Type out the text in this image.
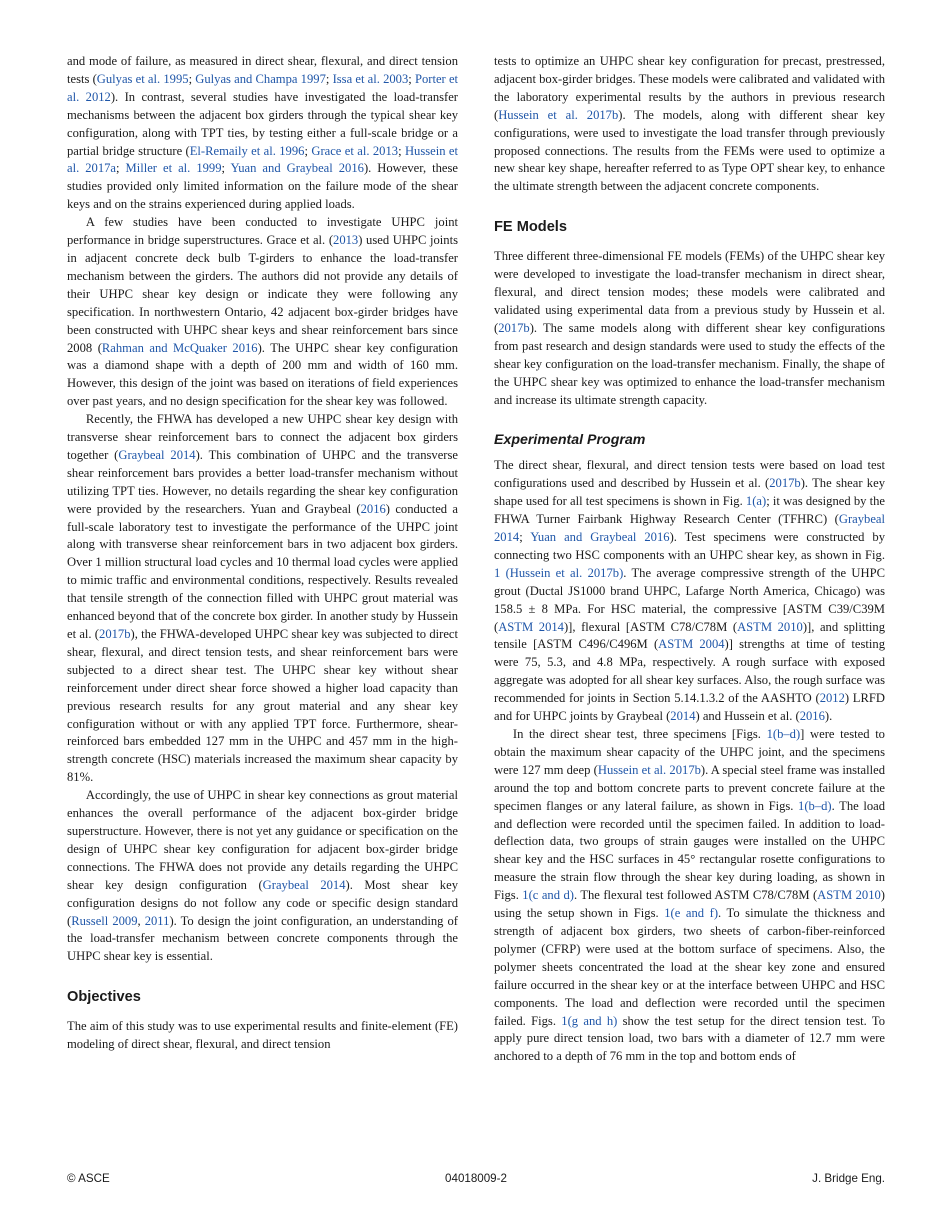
and mode of failure, as measured in direct shear, flexural, and direct tension tests (Gulyas et al. 1995; Gulyas and Champa 1997; Issa et al. 2003; Porter et al. 2012). In contrast, several studies have investigated the load-transfer mechanisms between the adjacent box girders through the typical shear key configuration, along with TPT ties, by testing either a full-scale bridge or a partial bridge structure (El-Remaily et al. 1996; Grace et al. 2013; Hussein et al. 2017a; Miller et al. 1999; Yuan and Graybeal 2016). However, these studies provided only limited information on the failure mode of the shear keys and on the strains experienced during applied loads.

A few studies have been conducted to investigate UHPC joint performance in bridge superstructures. Grace et al. (2013) used UHPC joints in adjacent concrete deck bulb T-girders to enhance the load-transfer mechanism between the girders. The authors did not provide any details of their UHPC shear key design or indicate they were following any specification. In northwestern Ontario, 42 adjacent box-girder bridges have been constructed with UHPC shear keys and shear reinforcement bars since 2008 (Rahman and McQuaker 2016). The UHPC shear key configuration was a diamond shape with a depth of 200 mm and width of 160 mm. However, this design of the joint was based on iterations of field experiences over past years, and no design specification for the shear key was followed.

Recently, the FHWA has developed a new UHPC shear key design with transverse shear reinforcement bars to connect the adjacent box girders together (Graybeal 2014). This combination of UHPC and the transverse shear reinforcement bars provides a better load-transfer mechanism without utilizing TPT ties. However, no details regarding the shear key configuration were provided by the researchers. Yuan and Graybeal (2016) conducted a full-scale laboratory test to investigate the performance of the UHPC joint along with transverse shear reinforcement bars in two adjacent box girders. Over 1 million structural load cycles and 10 thermal load cycles were applied to mimic traffic and environmental conditions, respectively. Results revealed that tensile strength of the connection filled with UHPC grout material was enhanced beyond that of the concrete box girder. In another study by Hussein et al. (2017b), the FHWA-developed UHPC shear key was subjected to direct shear, flexural, and direct tension tests, and shear reinforcement bars were subjected to a direct shear test. The UHPC shear key without shear reinforcement under direct shear force showed a higher load capacity than previous research results for any grout material and any shear key configuration without or with any applied TPT force. Furthermore, shear-reinforced bars embedded 127 mm in the UHPC and 457 mm in the high-strength concrete (HSC) materials increased the maximum shear capacity by 81%.

Accordingly, the use of UHPC in shear key connections as grout material enhances the overall performance of the adjacent box-girder bridge superstructure. However, there is not yet any guidance or specification on the design of UHPC shear key configuration for adjacent box-girder bridge connections. The FHWA does not provide any details regarding the UHPC shear key design configuration (Graybeal 2014). Most shear key configuration designs do not follow any code or specific design standard (Russell 2009, 2011). To design the joint configuration, an understanding of the load-transfer mechanism between concrete components through the UHPC shear key is essential.

Objectives

The aim of this study was to use experimental results and finite-element (FE) modeling of direct shear, flexural, and direct tension

tests to optimize an UHPC shear key configuration for precast, prestressed, adjacent box-girder bridges. These models were calibrated and validated with the laboratory experimental results by the authors in previous research (Hussein et al. 2017b). The models, along with different shear key configurations, were used to investigate the load transfer through previously proposed connections. The results from the FEMs were used to optimize a new shear key shape, hereafter referred to as Type OPT shear key, to enhance the ultimate strength between the adjacent concrete components.

FE Models

Three different three-dimensional FE models (FEMs) of the UHPC shear key were developed to investigate the load-transfer mechanism in direct shear, flexural, and direct tension modes; these models were calibrated and validated using experimental data from a previous study by Hussein et al. (2017b). The same models along with different shear key configurations from past research and design standards were used to study the effects of the shear key configuration on the load-transfer mechanism. Finally, the shape of the UHPC shear key was optimized to enhance the load-transfer mechanism and increase its ultimate strength capacity.

Experimental Program

The direct shear, flexural, and direct tension tests were based on load test configurations used and described by Hussein et al. (2017b). The shear key shape used for all test specimens is shown in Fig. 1(a); it was designed by the FHWA Turner Fairbank Highway Research Center (TFHRC) (Graybeal 2014; Yuan and Graybeal 2016). Test specimens were constructed by connecting two HSC components with an UHPC shear key, as shown in Fig. 1 (Hussein et al. 2017b). The average compressive strength of the UHPC grout (Ductal JS1000 brand UHPC, Lafarge North America, Chicago) was 158.5 ± 8 MPa. For HSC material, the compressive [ASTM C39/C39M (ASTM 2014)], flexural [ASTM C78/C78M (ASTM 2010)], and splitting tensile [ASTM C496/C496M (ASTM 2004)] strengths at time of testing were 75, 5.3, and 4.8 MPa, respectively. A rough surface with exposed aggregate was adopted for all shear key surfaces. Also, the rough surface was recommended for joints in Section 5.14.1.3.2 of the AASHTO (2012) LRFD and for UHPC joints by Graybeal (2014) and Hussein et al. (2016).

In the direct shear test, three specimens [Figs. 1(b–d)] were tested to obtain the maximum shear capacity of the UHPC joint, and the specimens were 127 mm deep (Hussein et al. 2017b). A special steel frame was installed around the top and bottom concrete parts to prevent concrete failure at the specimen flanges or any lateral failure, as shown in Figs. 1(b–d). The load and deflection were recorded until the specimen failed. In addition to load-deflection data, two groups of strain gauges were installed on the UHPC shear key and the HSC surfaces in 45° rectangular rosette configurations to measure the strain flow through the shear key during loading, as shown in Figs. 1(c and d). The flexural test followed ASTM C78/C78M (ASTM 2010) using the setup shown in Figs. 1(e and f). To simulate the thickness and strength of adjacent box girders, two sheets of carbon-fiber-reinforced polymer (CFRP) were used at the bottom surface of specimens. Also, the polymer sheets concentrated the load at the shear key zone and ensured failure occurred in the shear key or at the interface between UHPC and HSC components. The load and deflection were recorded until the specimen failed. Figs. 1(g and h) show the test setup for the direct tension test. To apply pure direct tension load, two bars with a diameter of 12.7 mm were anchored to a depth of 76 mm in the top and bottom ends of

© ASCE	04018009-2	J. Bridge Eng.
